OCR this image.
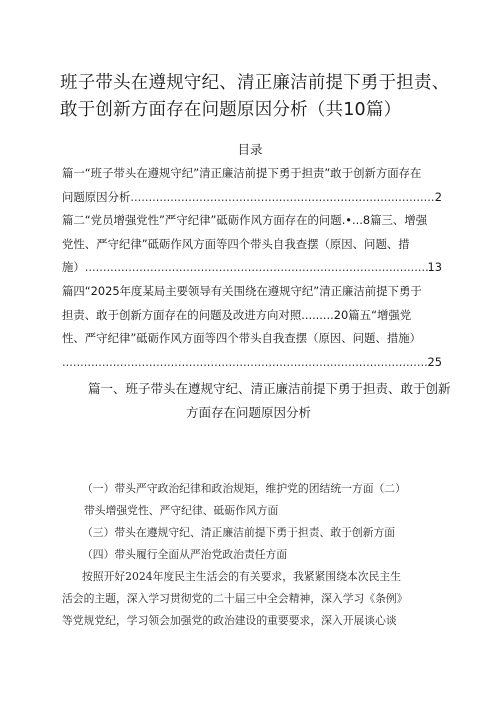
班子带头在遵规守纪、清正廉洁前提下勇于担责、
敢于创新方面存在问题原因分析（共10篇）
目录
篇一“班子带头在遵规守纪”清正廉洁前提下勇于担责”敢于创新方面存在
问题原因分析 .....	2
篇二“党员增强党性”严守纪律”砥砺作风方面存在的问题.•...8篇三、增强
党性、严守纪律”砥砺作风方面等四个带头自我查摆（原因、问题、措
施） .....	13
篇四“2025年度某局主要领导有关围绕在遵规守纪”清正廉洁前提下勇于
担责、敢于创新方面存在的问题及改进方向对照.........20篇五“增强党
性、严守纪律”砥砺作风方面等四个带头自我查摆（原因、问题、措施）
.....
25
篇一、班子带头在遵规守纪、清正廉洁前提下勇于担责、敢于创新
方面存在问题原因分析
（一）带头严守政治纪律和政治规矩，维护党的团结统一方面（二）
带头增强党性、严守纪律、砥砺作风方面
（三）带头在遵规守纪、清正廉洁前提下勇于担责、敢于创新方面
（四）带头履行全面从严治党政治责任方面
按照开好2024年度民主生活会的有关要求，我紧紧围绕本次民主生
活会的主题，深入学习贯彻党的二十届三中全会精神，深入学习《条例》
等党规党纪，学习领会加强党的政治建设的重要要求，深入开展谈心谈
